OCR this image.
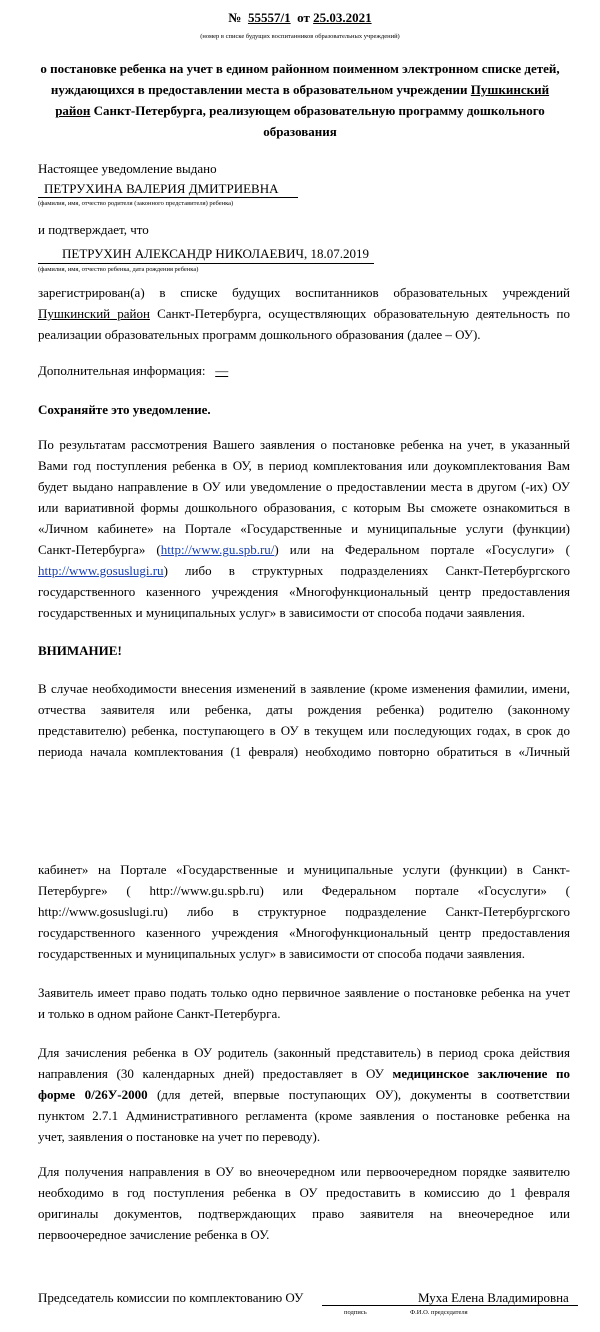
№ 55557/1 от 25.03.2021
(номер в списке будущих воспитанников образовательных учреждений)
о постановке ребенка на учет в едином районном поименном электронном списке детей,
нуждающихся в предоставлении места в образовательном учреждении Пушкинский
район Санкт-Петербурга, реализующем образовательную программу дошкольного
образования
Настоящее уведомление выдано
ПЕТРУХИНА ВАЛЕРИЯ ДМИТРИЕВНА
(фамилия, имя, отчество родителя (законного представителя) ребенка)
и подтверждает, что
ПЕТРУХИН АЛЕКСАНДР НИКОЛАЕВИЧ, 18.07.2019
(фамилия, имя, отчество ребенка, дата рождения ребенка)
зарегистрирован(а) в списке будущих воспитанников образовательных учреждений
Пушкинский район Санкт-Петербурга, осуществляющих образовательную деятельность по
реализации образовательных программ дошкольного образования (далее – ОУ).
Дополнительная информация: —
Сохраняйте это уведомление.
По результатам рассмотрения Вашего заявления о постановке ребенка на учет, в указанный
Вами год поступления ребенка в ОУ, в период комплектования или доукомплектования Вам
будет выдано направление в ОУ или уведомление о предоставлении места в другом (-их) ОУ
или вариативной формы дошкольного образования, с которым Вы сможете ознакомиться в
«Личном кабинете» на Портале «Государственные и муниципальные услуги (функции)
Санкт-Петербурга» (http://www.gu.spb.ru/) или на Федеральном портале «Госуслуги» (
http://www.gosuslugi.ru) либо в структурных подразделениях Санкт-Петербургского
государственного казенного учреждения «Многофункциональный центр предоставления
государственных и муниципальных услуг» в зависимости от способа подачи заявления.
ВНИМАНИЕ!
В случае необходимости внесения изменений в заявление (кроме изменения фамилии, имени,
отчества заявителя или ребенка, даты рождения ребенка) родителю (законному
представителю) ребенка, поступающего в ОУ в текущем или последующих годах, в срок до
периода начала комплектования (1 февраля) необходимо повторно обратиться в «Личный
кабинет» на Портале «Государственные и муниципальные услуги (функции) в Санкт-
Петербурге» ( http://www.gu.spb.ru) или Федеральном портале «Госуслуги» (
http://www.gosuslugi.ru) либо в структурное подразделение Санкт-Петербургского
государственного казенного учреждения «Многофункциональный центр предоставления
государственных и муниципальных услуг» в зависимости от способа подачи заявления.
Заявитель имеет право подать только одно первичное заявление о постановке ребенка на учет
и только в одном районе Санкт-Петербурга.
Для зачисления ребенка в ОУ родитель (законный представитель) в период срока действия
направления (30 календарных дней) предоставляет в ОУ медицинское заключение по
форме 0/26У-2000 (для детей, впервые поступающих ОУ), документы в соответствии
пунктом 2.7.1 Административного регламента (кроме заявления о постановке ребенка на
учет, заявления о постановке на учет по переводу).
Для получения направления в ОУ во внеочередном или первоочередном порядке заявителю
необходимо в год поступления ребенка в ОУ предоставить в комиссию до 1 февраля
оригиналы документов, подтверждающих право заявителя на внеочередное или
первоочередное зачисление ребенка в ОУ.
Председатель комиссии по комплектованию ОУ	Муха Елена Владимировна
подпись	Ф.И.О. председателя
